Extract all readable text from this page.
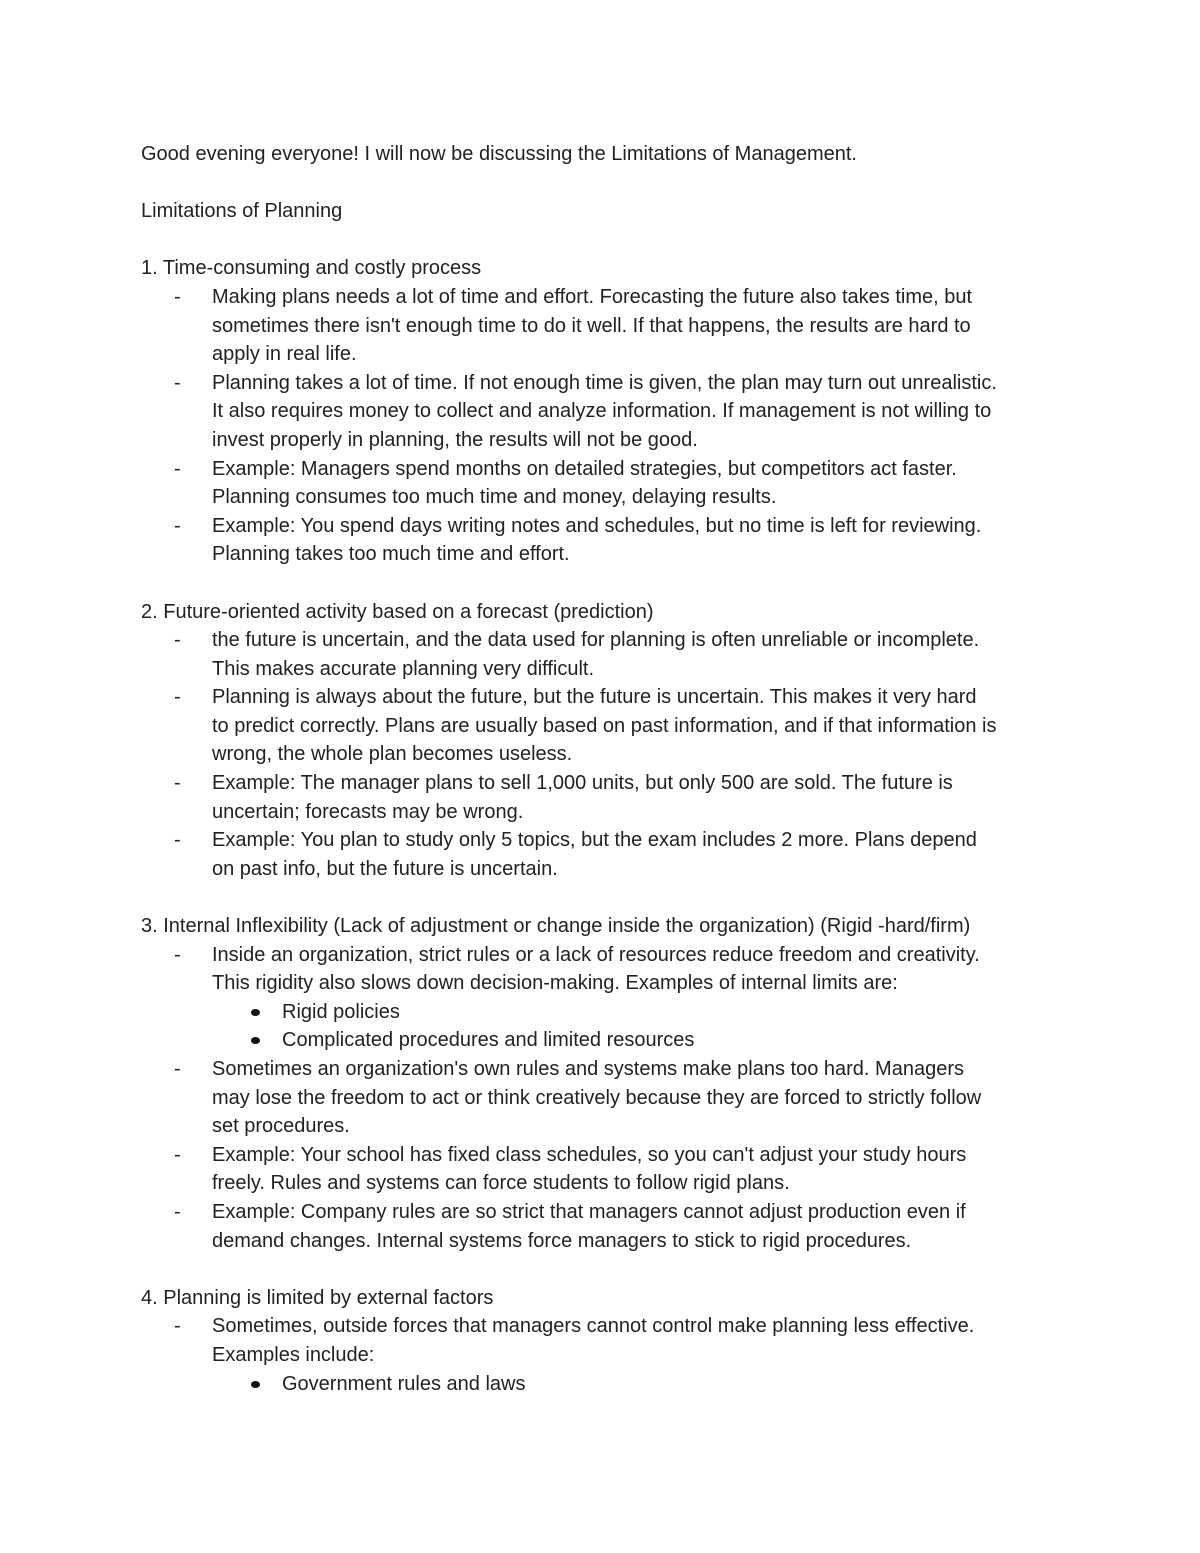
Good evening everyone! I will now be discussing the Limitations of Management.

Limitations of Planning

1. Time-consuming and costly process

- Making plans needs a lot of time and effort. Forecasting the future also takes time, but
sometimes there isn't enough time to do it well. If that happens, the results are hard to
apply in real life.
- Planning takes a lot of time. If not enough time is given, the plan may turn out unrealistic.
It also requires money to collect and analyze information. If management is not willing to
invest properly in planning, the results will not be good.
- Example: Managers spend months on detailed strategies, but competitors act faster.
Planning consumes too much time and money, delaying results.
- Example: You spend days writing notes and schedules, but no time is left for reviewing.
Planning takes too much time and effort.

2. Future-oriented activity based on a forecast (prediction)

- the future is uncertain, and the data used for planning is often unreliable or incomplete.
This makes accurate planning very difficult.
- Planning is always about the future, but the future is uncertain. This makes it very hard
to predict correctly. Plans are usually based on past information, and if that information is
wrong, the whole plan becomes useless.
- Example: The manager plans to sell 1,000 units, but only 500 are sold. The future is
uncertain; forecasts may be wrong.
- Example: You plan to study only 5 topics, but the exam includes 2 more. Plans depend
on past info, but the future is uncertain.

3. Internal Inflexibility (Lack of adjustment or change inside the organization) (Rigid -hard/firm)

- Inside an organization, strict rules or a lack of resources reduce freedom and creativity.
This rigidity also slows down decision-making. Examples of internal limits are:
Rigid policies
Complicated procedures and limited resources
- Sometimes an organization's own rules and systems make plans too hard. Managers
may lose the freedom to act or think creatively because they are forced to strictly follow
set procedures.
- Example: Your school has fixed class schedules, so you can't adjust your study hours
freely. Rules and systems can force students to follow rigid plans.
- Example: Company rules are so strict that managers cannot adjust production even if
demand changes. Internal systems force managers to stick to rigid procedures.

4. Planning is limited by external factors

- Sometimes, outside forces that managers cannot control make planning less effective.
Examples include:
Government rules and laws
